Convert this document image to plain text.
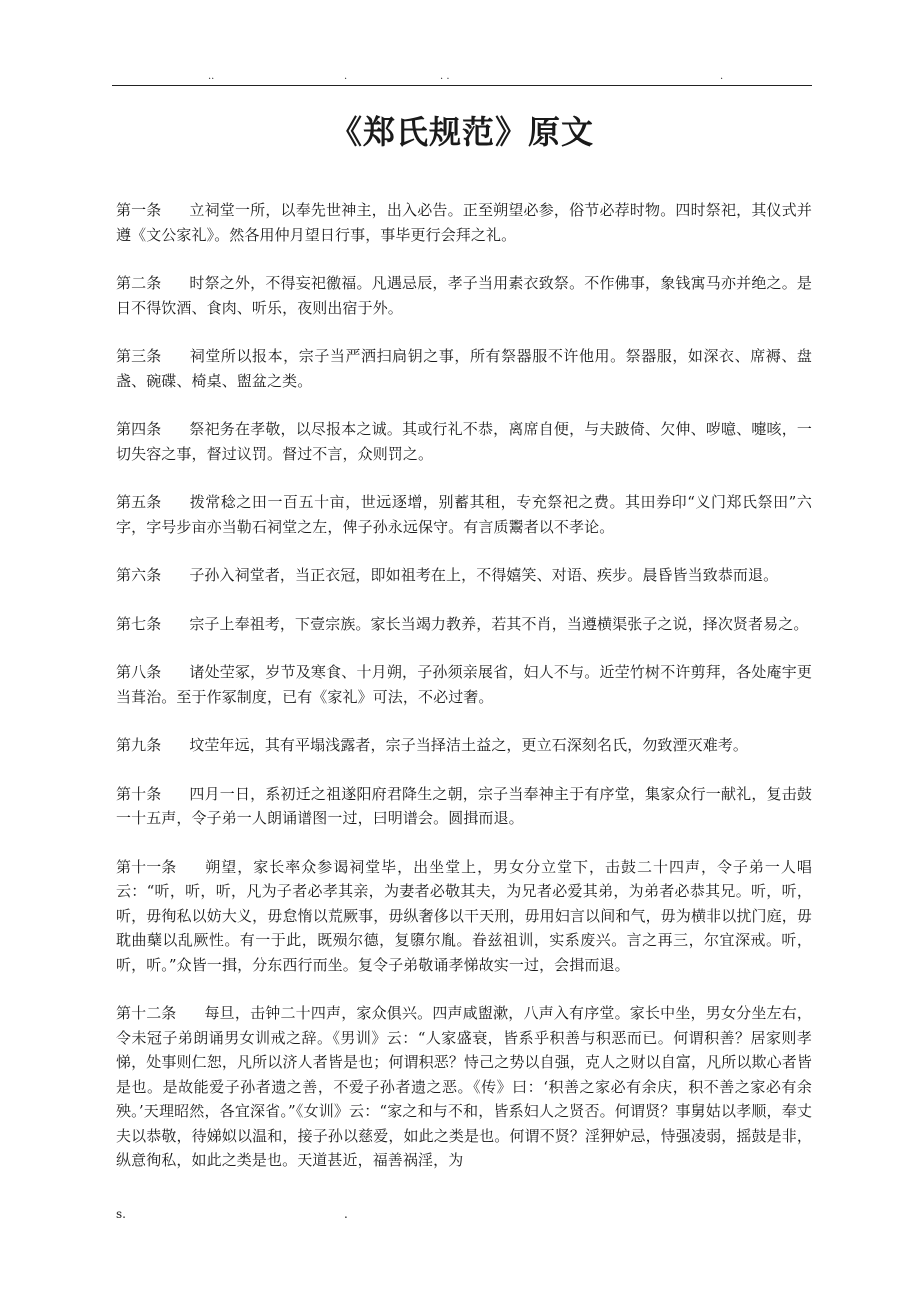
..	.	. .	.
《郑氏规范》原文

第一条 立祠堂一所，以奉先世神主，出入必告。正至朔望必参，俗节必荐时物。四时祭祀，其仪式并遵《文公家礼》。然各用仲月望日行事，事毕更行会拜之礼。

第二条 时祭之外，不得妄祀徼福。凡遇忌辰，孝子当用素衣致祭。不作佛事，象钱寓马亦并绝之。是日不得饮酒、食肉、听乐，夜则出宿于外。

第三条 祠堂所以报本，宗子当严洒扫扃钥之事，所有祭器服不许他用。祭器服，如深衣、席褥、盘盏、碗碟、椅桌、盥盆之类。

第四条 祭祀务在孝敬，以尽报本之诚。其或行礼不恭，离席自便，与夫跛倚、欠伸、哕噫、嚏咳，一切失容之事，督过议罚。督过不言，众则罚之。

第五条 拨常稔之田一百五十亩，世远逐增，别蓄其租，专充祭祀之费。其田券印“义门郑氏祭田”六字，字号步亩亦当勒石祠堂之左，俾子孙永远保守。有言质鬻者以不孝论。

第六条 子孙入祠堂者，当正衣冠，即如祖考在上，不得嬉笑、对语、疾步。晨昏皆当致恭而退。

第七条 宗子上奉祖考，下壹宗族。家长当竭力教养，若其不肖，当遵横渠张子之说，择次贤者易之。

第八条 诸处茔冢，岁节及寒食、十月朔，子孙须亲展省，妇人不与。近茔竹树不许剪拜，各处庵宇更当葺治。至于作冢制度，已有《家礼》可法，不必过奢。

第九条 坟茔年远，其有平塌浅露者，宗子当择洁土益之，更立石深刻名氏，勿致湮灭难考。

第十条 四月一日，系初迁之祖遂阳府君降生之朝，宗子当奉神主于有序堂，集家众行一献礼，复击鼓一十五声，令子弟一人朗诵谱图一过，曰明谱会。圆揖而退。

第十一条 朔望，家长率众参谒祠堂毕，出坐堂上，男女分立堂下，击鼓二十四声，令子弟一人唱云：“听，听，听，凡为子者必孝其亲，为妻者必敬其夫，为兄者必爱其弟，为弟者必恭其兄。听，听，听，毋徇私以妨大义，毋怠惰以荒厥事，毋纵奢侈以干天刑，毋用妇言以间和气，毋为横非以扰门庭，毋耽曲蘖以乱厥性。有一于此，既殒尔德，复隳尔胤。眷兹祖训，实系废兴。言之再三，尔宜深戒。听，听，听。”众皆一揖，分东西行而坐。复令子弟敬诵孝悌故实一过，会揖而退。

第十二条 每旦，击钟二十四声，家众俱兴。四声咸盥漱，八声入有序堂。家长中坐，男女分坐左右，令未冠子弟朗诵男女训戒之辞。《男训》云：“人家盛衰，皆系乎积善与积恶而已。何谓积善？居家则孝悌，处事则仁恕，凡所以济人者皆是也；何谓积恶？恃己之势以自强，克人之财以自富，凡所以欺心者皆是也。是故能爱子孙者遗之善，不爱子孙者遗之恶。《传》曰：‘积善之家必有余庆，积不善之家必有余殃。’天理昭然，各宜深省。”《女训》云：“家之和与不和，皆系妇人之贤否。何谓贤？事舅姑以孝顺，奉丈夫以恭敬，待娣姒以温和，接子孙以慈爱，如此之类是也。何谓不贤？淫狎妒忌，恃强凌弱，摇鼓是非，纵意徇私，如此之类是也。天道甚近，福善祸淫，为

s.	.
